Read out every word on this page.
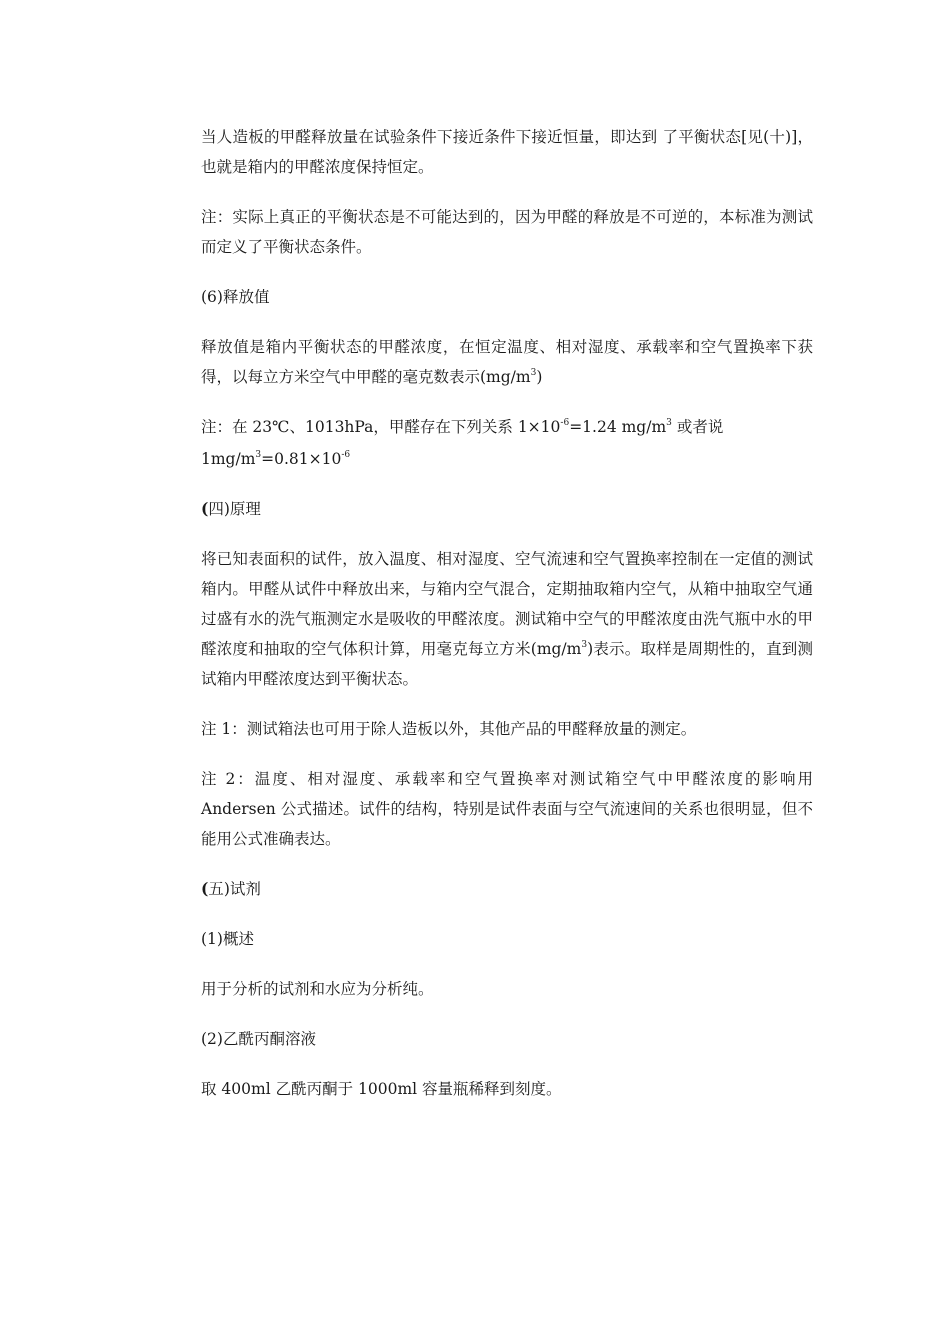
当人造板的甲醛释放量在试验条件下接近条件下接近恒量，即达到 了平衡状态[见(十)]，也就是箱内的甲醛浓度保持恒定。

注：实际上真正的平衡状态是不可能达到的，因为甲醛的释放是不可逆的，本标准为测试而定义了平衡状态条件。

(6)释放值

释放值是箱内平衡状态的甲醛浓度，在恒定温度、相对湿度、承载率和空气置换率下获得，以每立方米空气中甲醛的毫克数表示$(mg/m^3)$

注：在 23℃、1013hPa，甲醛存在下列关系 $1\times 10^{-6}=1.24$ $mg/m^3$ 或者说

$1mg/m^3=0.81\times 10^{-6}$

(四)原理

将已知表面积的试件，放入温度、相对湿度、空气流速和空气置换率控制在一定值的测试箱内。甲醛从试件中释放出来，与箱内空气混合，定期抽取箱内空气，从箱中抽取空气通过盛有水的洗气瓶测定水是吸收的甲醛浓度。测试箱中空气的甲醛浓度由洗气瓶中水的甲醛浓度和抽取的空气体积计算，用毫克每立方米$(mg/m^3)$表示。取样是周期性的，直到测试箱内甲醛浓度达到平衡状态。

注 1：测试箱法也可用于除人造板以外，其他产品的甲醛释放量的测定。

注 2：温度、相对湿度、承载率和空气置换率对测试箱空气中甲醛浓度的影响用Andersen 公式描述。试件的结构，特别是试件表面与空气流速间的关系也很明显，但不能用公式准确表达。

(五)试剂

(1)概述

用于分析的试剂和水应为分析纯。

(2)乙酰丙酮溶液

取 400ml 乙酰丙酮于 1000ml 容量瓶稀释到刻度。
